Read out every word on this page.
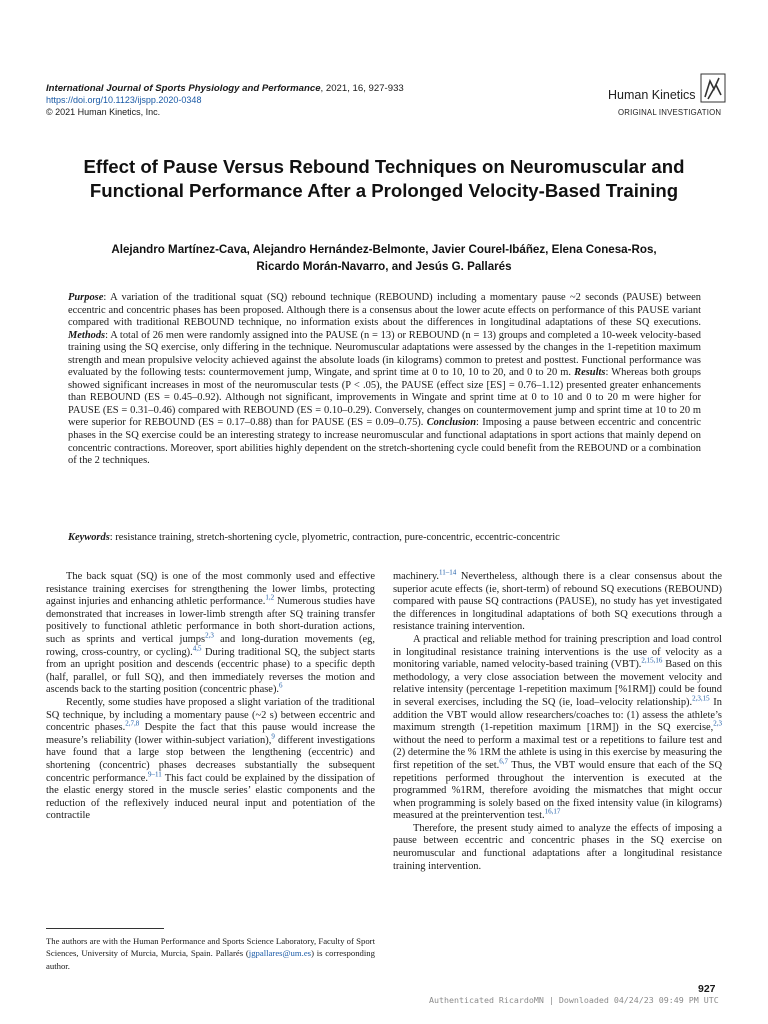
International Journal of Sports Physiology and Performance, 2021, 16, 927-933
https://doi.org/10.1123/ijspp.2020-0348
© 2021 Human Kinetics, Inc.
Human Kinetics
ORIGINAL INVESTIGATION
Effect of Pause Versus Rebound Techniques on Neuromuscular and Functional Performance After a Prolonged Velocity-Based Training
Alejandro Martínez-Cava, Alejandro Hernández-Belmonte, Javier Courel-Ibáñez, Elena Conesa-Ros,
Ricardo Morán-Navarro, and Jesús G. Pallarés
Purpose: A variation of the traditional squat (SQ) rebound technique (REBOUND) including a momentary pause ~2 seconds (PAUSE) between eccentric and concentric phases has been proposed. Although there is a consensus about the lower acute effects on performance of this PAUSE variant compared with traditional REBOUND technique, no information exists about the differences in longitudinal adaptations of these SQ executions. Methods: A total of 26 men were randomly assigned into the PAUSE (n = 13) or REBOUND (n = 13) groups and completed a 10-week velocity-based training using the SQ exercise, only differing in the technique. Neuromuscular adaptations were assessed by the changes in the 1-repetition maximum strength and mean propulsive velocity achieved against the absolute loads (in kilograms) common to pretest and posttest. Functional performance was evaluated by the following tests: countermovement jump, Wingate, and sprint time at 0 to 10, 10 to 20, and 0 to 20 m. Results: Whereas both groups showed significant increases in most of the neuromuscular tests (P < .05), the PAUSE (effect size [ES] = 0.76–1.12) presented greater enhancements than REBOUND (ES = 0.45–0.92). Although not significant, improvements in Wingate and sprint time at 0 to 10 and 0 to 20 m were higher for PAUSE (ES = 0.31–0.46) compared with REBOUND (ES = 0.10–0.29). Conversely, changes on countermovement jump and sprint time at 10 to 20 m were superior for REBOUND (ES = 0.17–0.88) than for PAUSE (ES = 0.09–0.75). Conclusion: Imposing a pause between eccentric and concentric phases in the SQ exercise could be an interesting strategy to increase neuromuscular and functional adaptations in sport actions that mainly depend on concentric contractions. Moreover, sport abilities highly dependent on the stretch-shortening cycle could benefit from the REBOUND or a combination of the 2 techniques.
Keywords: resistance training, stretch-shortening cycle, plyometric, contraction, pure-concentric, eccentric-concentric

The back squat (SQ) is one of the most commonly used and effective resistance training exercises for strengthening the lower limbs, protecting against injuries and enhancing athletic performance.$^{1,2}$ Numerous studies have demonstrated that increases in lower-limb strength after SQ training transfer positively to functional athletic performance in both short-duration actions, such as sprints and vertical jumps$^{2,3}$ and long-duration movements (eg, rowing, cross-country, or cycling).$^{4,5}$ During traditional SQ, the subject starts from an upright position and descends (eccentric phase) to a specific depth (half, parallel, or full SQ), and then immediately reverses the motion and ascends back to the starting position (concentric phase).$^6$

Recently, some studies have proposed a slight variation of the traditional SQ technique, by including a momentary pause (~2 s) between eccentric and concentric phases.$^{2,7,8}$ Despite the fact that this pause would increase the measure’s reliability (lower within-subject variation),$^9$ different investigations have found that a large stop between the lengthening (eccentric) and shortening (concentric) phases decreases substantially the subsequent concentric performance.$^{9-11}$ This fact could be explained by the dissipation of the elastic energy stored in the muscle series’ elastic components and the reduction of the reflexively induced neural input and potentiation of the contractile

machinery.$^{11-14}$ Nevertheless, although there is a clear consensus about the superior acute effects (ie, short-term) of rebound SQ executions (REBOUND) compared with pause SQ contractions (PAUSE), no study has yet investigated the differences in longitudinal adaptations of both SQ executions through a resistance training intervention.

A practical and reliable method for training prescription and load control in longitudinal resistance training interventions is the use of velocity as a monitoring variable, named velocity-based training (VBT).$^{2,15,16}$ Based on this methodology, a very close association between the movement velocity and relative intensity (percentage 1-repetition maximum [%1RM]) could be found in several exercises, including the SQ (ie, load–velocity relationship).$^{2,3,15}$ In addition the VBT would allow researchers/coaches to: (1) assess the athlete’s maximum strength (1-repetition maximum [1RM]) in the SQ exercise,$^{2,3}$ without the need to perform a maximal test or a repetitions to failure test and (2) determine the % 1RM the athlete is using in this exercise by measuring the first repetition of the set.$^{6,7}$ Thus, the VBT would ensure that each of the SQ repetitions performed throughout the intervention is executed at the programmed %1RM, therefore avoiding the mismatches that might occur when programming is solely based on the fixed intensity value (in kilograms) measured at the preintervention test.$^{16,17}$

Therefore, the present study aimed to analyze the effects of imposing a pause between eccentric and concentric phases in the SQ exercise on neuromuscular and functional adaptations after a longitudinal resistance training intervention.

The authors are with the Human Performance and Sports Science Laboratory, Faculty of Sport Sciences, University of Murcia, Murcia, Spain. Pallarés (jgpallares@um.es) is corresponding author.
927
Authenticated RicardoMN | Downloaded 04/24/23 09:49 PM UTC
